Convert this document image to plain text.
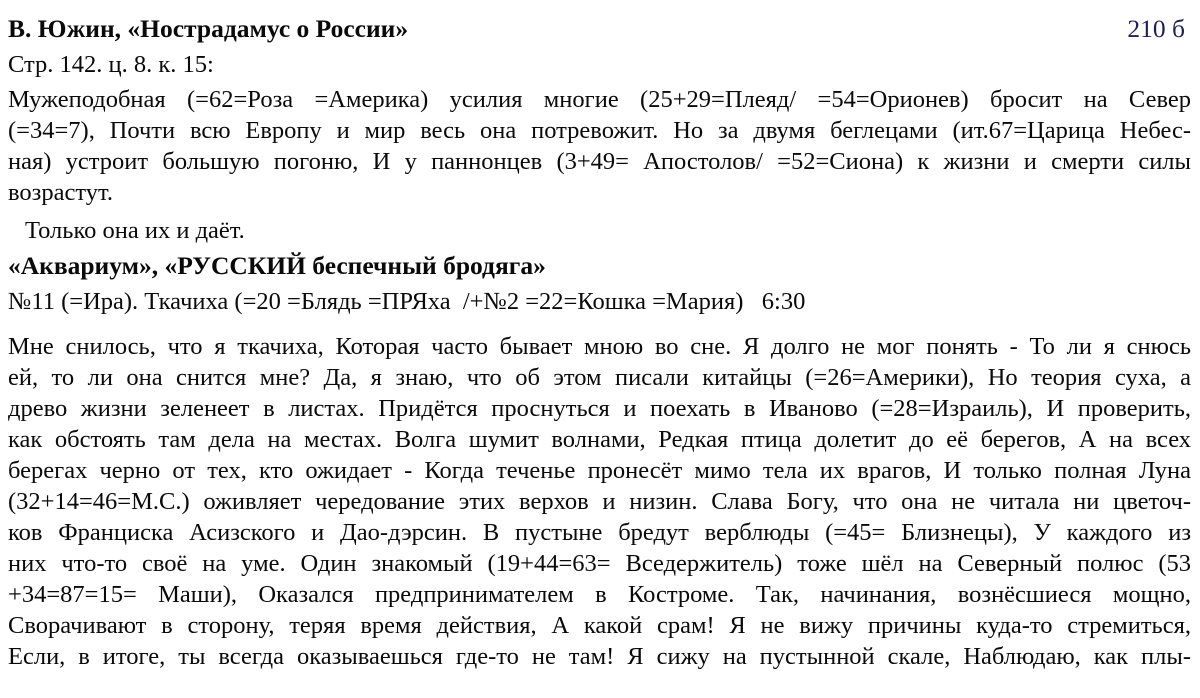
В. Южин, «Нострадамус о России»	210 б
Стр. 142. ц. 8. к. 15:
Мужеподобная (=62=Роза =Америка) усилия многие (25+29=Плеяд/ =54=Орионев) бросит на Север
(=34=7), Почти всю Европу и мир весь она потревожит. Но за двумя беглецами (ит.67=Царица Небес-
ная) устроит большую погоню, И у паннонцев (3+49= Апостолов/ =52=Сиона) к жизни и смерти силы
возрастут.
Только она их и даёт.
«Аквариум», «РУССКИЙ беспечный бродяга»
№11 (=Ира). Ткачиха (=20 =Блядь =ПРЯха  /+№2 =22=Кошка =Мария)   6:30
Мне снилось, что я ткачиха, Которая часто бывает мною во сне. Я долго не мог понять - То ли я снюсь
ей, то ли она снится мне? Да, я знаю, что об этом писали китайцы (=26=Америки), Но теория суха, а
древо жизни зеленеет в листах. Придётся проснуться и поехать в Иваново (=28=Израиль), И проверить,
как обстоять там дела на местах. Волга шумит волнами, Редкая птица долетит до её берегов, А на всех
берегах черно от тех, кто ожидает - Когда теченье пронесёт мимо тела их врагов, И только полная Луна
(32+14=46=М.С.) оживляет чередование этих верхов и низин. Слава Богу, что она не читала ни цветоч-
ков Франциска Асизского и Дао-дэрсин. В пустыне бредут верблюды (=45= Близнецы), У каждого из
них что-то своё на уме. Один знакомый (19+44=63= Вседержитель) тоже шёл на Северный полюс (53
+34=87=15= Маши), Оказался предпринимателем в Костроме. Так, начинания, вознёсшиеся мощно,
Сворачивают в сторону, теряя время действия, А какой срам! Я не вижу причины куда-то стремиться,
Если, в итоге, ты всегда оказываешься где-то не там! Я сижу на пустынной скале, Наблюдаю, как плы-
